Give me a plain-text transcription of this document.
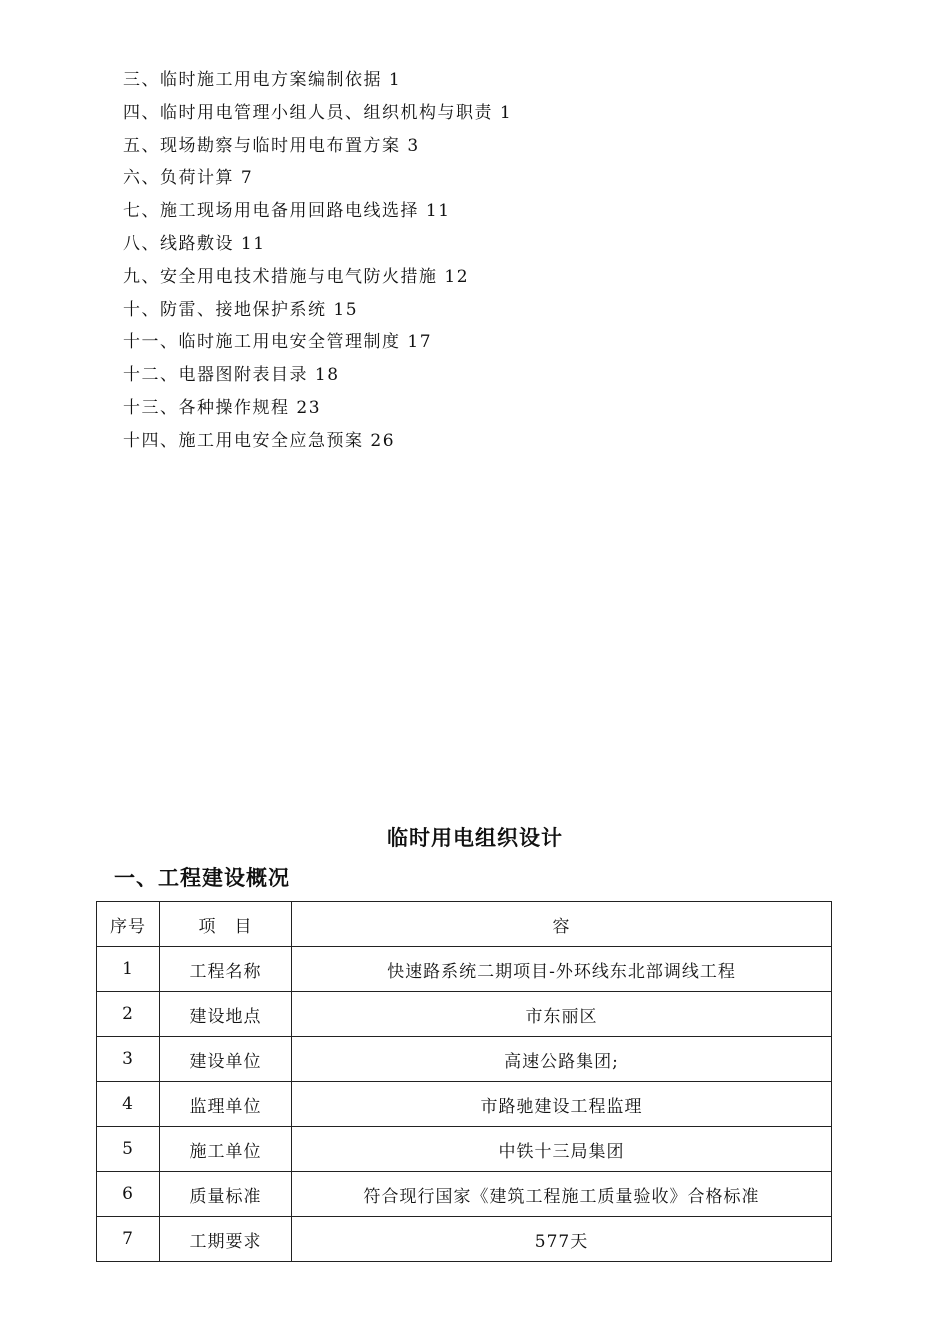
三、临时施工用电方案编制依据 1
四、临时用电管理小组人员、组织机构与职责 1
五、现场勘察与临时用电布置方案 3
六、负荷计算 7
七、施工现场用电备用回路电线选择 11
八、线路敷设 11
九、安全用电技术措施与电气防火措施 12
十、防雷、接地保护系统 15
十一、临时施工用电安全管理制度 17
十二、电器图附表目录 18
十三、各种操作规程 23
十四、施工用电安全应急预案 26
临时用电组织设计
一、工程建设概况
序号	项　目	容
1	工程名称	快速路系统二期项目-外环线东北部调线工程
2	建设地点	市东丽区
3	建设单位	高速公路集团;
4	监理单位	市路驰建设工程监理
5	施工单位	中铁十三局集团
6	质量标准	符合现行国家《建筑工程施工质量验收》合格标准
7	工期要求	577天
